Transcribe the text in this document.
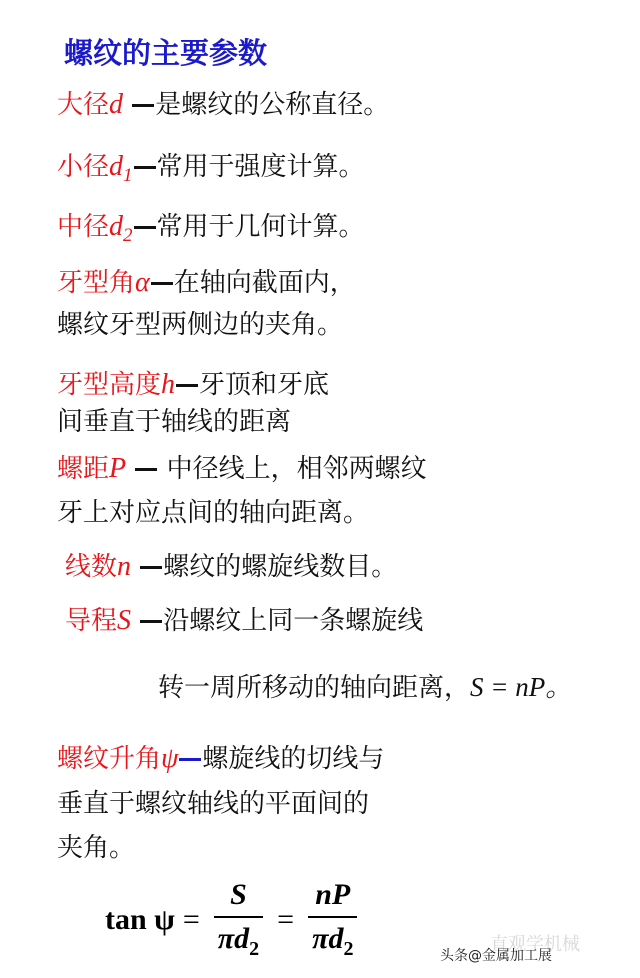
螺纹的主要参数
大径d 是螺纹的公称直径。
小径$d_1$ 常用于强度计算。
中径$d_2$ 常用于几何计算。
牙型角α 在轴向截面内，
螺纹牙型两侧边的夹角。
牙型高度h 牙顶和牙底
间垂直于轴线的距离
螺距P 中径线上，相邻两螺纹
牙上对应点间的轴向距离。
线数n 螺纹的螺旋线数目。
导程S 沿螺纹上同一条螺旋线
转一周所移动的轴向距离，S = nP。
螺纹升角ψ 螺旋线的切线与
垂直于螺纹轴线的平面间的
夹角。
$\tan \psi = \frac{S}{\pi d_2} = \frac{nP}{\pi d_2}$	直观学机械
头条@金属加工展
